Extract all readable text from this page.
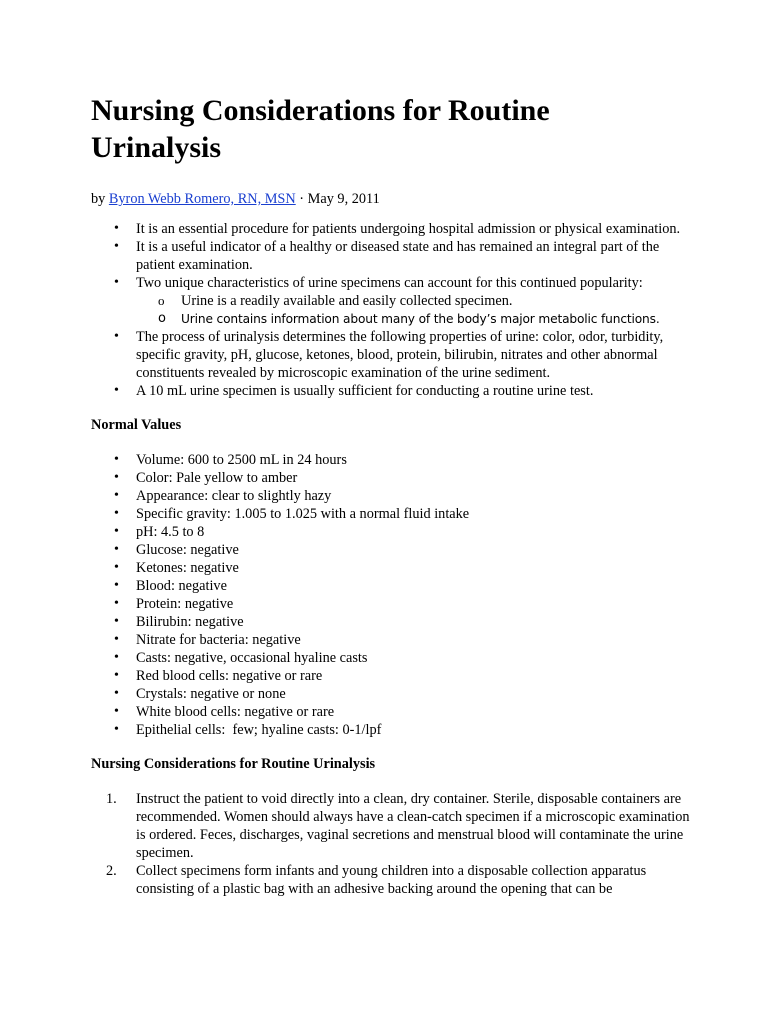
Nursing Considerations for Routine
Urinalysis
by Byron Webb Romero, RN, MSN · May 9, 2011
• It is an essential procedure for patients undergoing hospital admission or physical examination.
• It is a useful indicator of a healthy or diseased state and has remained an integral part of the patient examination.
• Two unique characteristics of urine specimens can account for this continued popularity:
o Urine is a readily available and easily collected specimen.
o Urine contains information about many of the body’s major metabolic functions.
• The process of urinalysis determines the following properties of urine: color, odor, turbidity, specific gravity, pH, glucose, ketones, blood, protein, bilirubin, nitrates and other abnormal constituents revealed by microscopic examination of the urine sediment.
• A 10 mL urine specimen is usually sufficient for conducting a routine urine test.
Normal Values
• Volume: 600 to 2500 mL in 24 hours
• Color: Pale yellow to amber
• Appearance: clear to slightly hazy
• Specific gravity: 1.005 to 1.025 with a normal fluid intake
• pH: 4.5 to 8
• Glucose: negative
• Ketones: negative
• Blood: negative
• Protein: negative
• Bilirubin: negative
• Nitrate for bacteria: negative
• Casts: negative, occasional hyaline casts
• Red blood cells: negative or rare
• Crystals: negative or none
• White blood cells: negative or rare
• Epithelial cells:  few; hyaline casts: 0-1/lpf
Nursing Considerations for Routine Urinalysis
1. Instruct the patient to void directly into a clean, dry container. Sterile, disposable containers are recommended. Women should always have a clean-catch specimen if a microscopic examination is ordered. Feces, discharges, vaginal secretions and menstrual blood will contaminate the urine specimen.
2. Collect specimens form infants and young children into a disposable collection apparatus consisting of a plastic bag with an adhesive backing around the opening that can be
